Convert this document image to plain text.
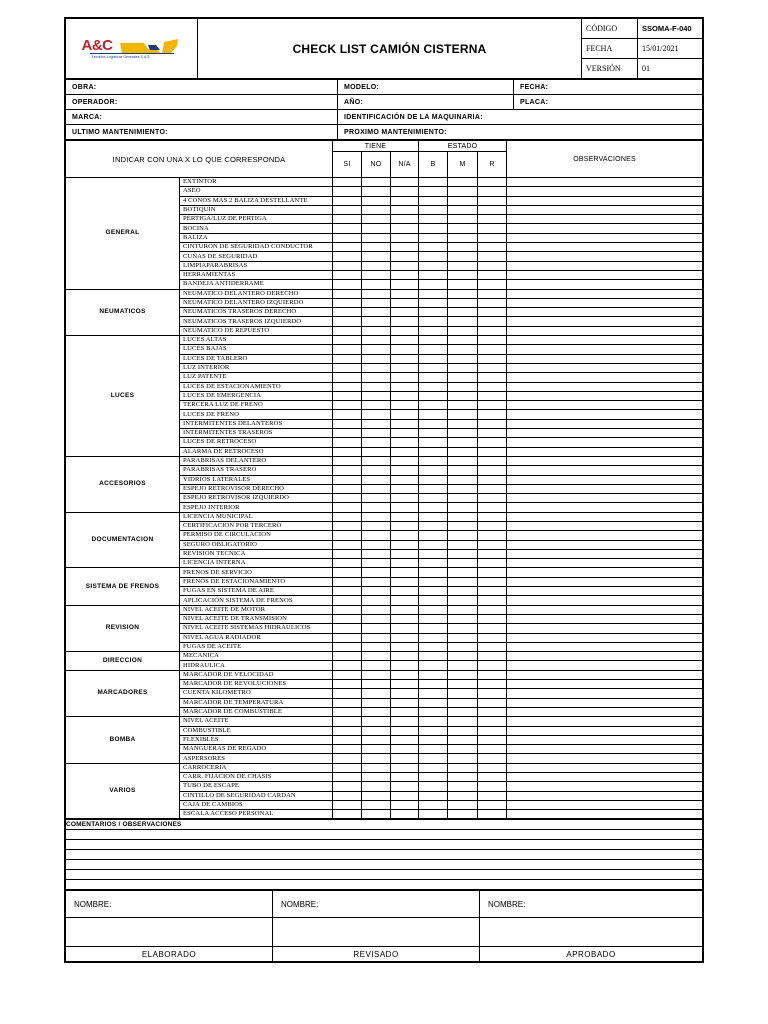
A&C
Servicios Logísticos Generales S.A.S.	CHECK LIST CAMIÓN CISTERNA	CÓDIGO	SSOMA-F-040
		FECHA	15/01/2021
		VERSIÓN	01
OBRA:	MODELO:	FECHA:
OPERADOR:	AÑO:	PLACA:
MARCA:	IDENTIFICACIÓN DE LA MAQUINARIA:	
ULTIMO MANTENIMIENTO:	PROXIMO MANTENIMIENTO:	
INDICAR CON UNA X LO QUE CORRESPONDA		TIENE			ESTADO			OBSERVACIONES
		SI	NO	N/A	B	M	R	
GENERAL	EXTINTOR							
	ASEO							
	4 CONOS MAS 2 BALIZA DESTELLANTE							
	BOTIQUIN							
	PERTIGA/LUZ DE PERTIGA							
	BOCINA							
	BALIZA							
	CINTURON DE SEGURIDAD CONDUCTOR							
	CUÑAS DE SEGURIDAD							
	LIMPIAPARABRISAS							
	HERRAMIENTAS							
	BANDEJA ANTIDERRAME							
NEUMATICOS	NEUMATICO DELANTERO DERECHO							
	NEUMATICO DELANTERO IZQUIERDO							
	NEUMATICOS TRASEROS DERECHO							
	NEUMATICOS TRASEROS IZQUIERDO							
	NEUMATICO DE REPUESTO							
LUCES	LUCES ALTAS							
	LUCES BAJAS							
	LUCES DE TABLERO							
	LUZ INTERIOR							
	LUZ PATENTE							
	LUCES DE ESTACIONAMIENTO							
	LUCES DE EMERGENCIA							
	TERCERA LUZ DE FRENO							
	LUCES DE FRENO							
	INTERMITENTES DELANTEROS							
	INTERMITENTES TRASEROS							
	LUCES DE RETROCESO							
	ALARMA DE RETROCESO							
ACCESORIOS	PARABRISAS DELANTERO							
	PARABRISAS TRASERO							
	VIDRIOS LATERALES							
	ESPEJO RETROVISOR DERECHO							
	ESPEJO RETROVISOR IZQUIERDO							
	ESPEJO INTERIOR							
DOCUMENTACION	LICENCIA MUNICIPAL							
	CERTIFICACION POR TERCERO							
	PERMISO DE CIRCULACION							
	SEGURO OBLIGATORIO							
	REVISION TECNICA							
	LICENCIA INTERNA							
SISTEMA DE FRENOS	FRENOS DE SERVICIO							
	FRENOS DE ESTACIONAMIENTO							
	FUGAS EN SISTEMA DE AIRE							
	APLICACIÓN SISTEMA DE FRENOS							
REVISION	NIVEL ACEITE DE MOTOR							
	NIVEL ACEITE DE TRANSMISION							
	NIVEL ACEITE SISTEMAS HIDRAULICOS							
	NIVEL AGUA RADIADOR							
	FUGAS DE ACEITE							
DIRECCION	MECANICA							
	HIDRAULICA							
MARCADORES	MARCADOR DE VELOCIDAD							
	MARCADOR DE REVOLUCIONES							
	CUENTA KILOMETRO							
	MARCADOR DE TEMPERATURA							
	MARCADOR DE COMBUSTIBLE							
BOMBA	NIVEL ACEITE							
	COMBUSTIBLE							
	FLEXIBLES							
	MANGUERAS DE REGADO							
	ASPERSORES							
VARIOS	CARROCERIA							
	CARR. FIJACION DE CHASIS							
	TUBO DE ESCAPE							
	CINTILLO DE SEGURIDAD CARDAN							
	CAJA DE CAMBIOS							
	ESCALA ACCESO PERSONAL							
COMENTARIOS / OBSERVACIONES

NOMBRE:	NOMBRE:	NOMBRE:

ELABORADO	REVISADO	APROBADO
